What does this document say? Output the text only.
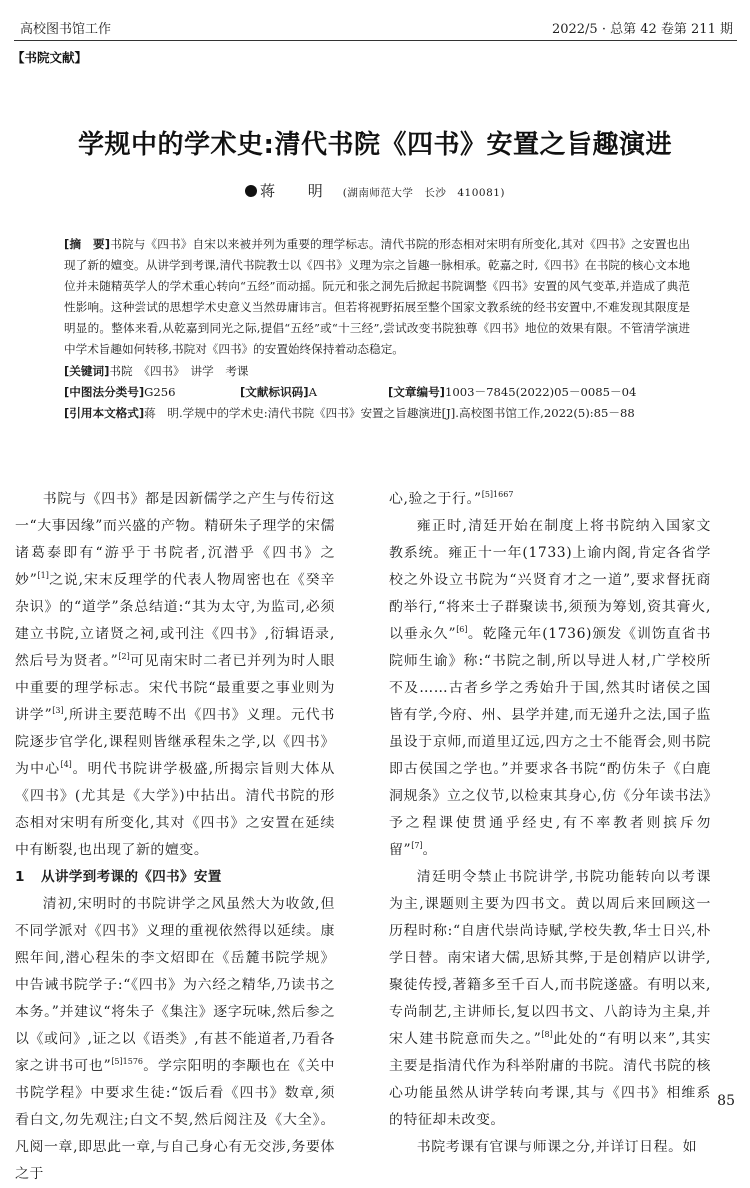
高校图书馆工作	2022/5 · 总第 42 卷第 211 期
【书院文献】
学规中的学术史:清代书院《四书》安置之旨趣演进
蒋 明 (湖南师范大学　长沙　410081)

[摘　要]书院与《四书》自宋以来被并列为重要的理学标志。清代书院的形态相对宋明有所变化,其对《四书》之安置也出现了新的嬗变。从讲学到考课,清代书院教士以《四书》义理为宗之旨趣一脉相承。乾嘉之时,《四书》在书院的核心文本地位并未随精英学人的学术重心转向“五经”而动摇。阮元和张之洞先后掀起书院调整《四书》安置的风气变革,并造成了典范性影响。这种尝试的思想学术史意义当然毋庸讳言。但若将视野拓展至整个国家文教系统的经书安置中,不难发现其限度是明显的。整体来看,从乾嘉到同光之际,提倡“五经”或“十三经”,尝试改变书院独尊《四书》地位的效果有限。不管清学演进中学术旨趣如何转移,书院对《四书》的安置始终保持着动态稳定。

[关键词]书院　《四书》　讲学　考课

[中图法分类号]G256	[文献标识码]A	[文章编号]1003－7845(2022)05－0085－04

[引用本文格式]蒋　明.学规中的学术史:清代书院《四书》安置之旨趣演进[J].高校图书馆工作,2022(5):85－88

书院与《四书》都是因新儒学之产生与传衍这一“大事因缘”而兴盛的产物。精研朱子理学的宋儒诸葛泰即有“游乎于书院者,沉潜乎《四书》之妙”[1]之说,宋末反理学的代表人物周密也在《癸辛杂识》的“道学”条总结道:“其为太守,为监司,必须建立书院,立诸贤之祠,或刊注《四书》,衍辑语录,然后号为贤者。”[2]可见南宋时二者已并列为时人眼中重要的理学标志。宋代书院“最重要之事业则为讲学”[3],所讲主要范畴不出《四书》义理。元代书院逐步官学化,课程则皆继承程朱之学,以《四书》为中心[4]。明代书院讲学极盛,所揭宗旨则大体从《四书》(尤其是《大学》)中拈出。清代书院的形态相对宋明有所变化,其对《四书》之安置在延续中有断裂,也出现了新的嬗变。

1 从讲学到考课的《四书》安置

清初,宋明时的书院讲学之风虽然大为收敛,但不同学派对《四书》义理的重视依然得以延续。康熙年间,潜心程朱的李文炤即在《岳麓书院学规》中告诫书院学子:“《四书》为六经之精华,乃读书之本务。”并建议“将朱子《集注》逐字玩味,然后参之以《或问》,证之以《语类》,有甚不能道者,乃看各家之讲书可也”$^{[5]1576}$。学宗阳明的李颙也在《关中书院学程》中要求生徒:“饭后看《四书》数章,须看白文,勿先观注;白文不契,然后阅注及《大全》。凡阅一章,即思此一章,与自己身心有无交涉,务要体之于

心,验之于行。”$^{[5]1667}$

雍正时,清廷开始在制度上将书院纳入国家文教系统。雍正十一年(1733)上谕内阁,肯定各省学校之外设立书院为“兴贤育才之一道”,要求督抚商酌举行,“将来士子群聚读书,须预为筹划,资其膏火,以垂永久”[6]。乾隆元年(1736)颁发《训饬直省书院师生谕》称:“书院之制,所以导进人材,广学校所不及……古者乡学之秀始升于国,然其时诸侯之国皆有学,今府、州、县学并建,而无递升之法,国子监虽设于京师,而道里辽远,四方之士不能胥会,则书院即古侯国之学也。”并要求各书院“酌仿朱子《白鹿洞规条》立之仪节,以检束其身心,仿《分年读书法》予之程课使贯通乎经史,有不率教者则摈斥勿留”[7]。

清廷明令禁止书院讲学,书院功能转向以考课为主,课题则主要为四书文。黄以周后来回顾这一历程时称:“自唐代崇尚诗赋,学校失教,华士日兴,朴学日替。南宋诸大儒,思矫其弊,于是创精庐以讲学,聚徒传授,著籍多至千百人,而书院遂盛。有明以来,专尚制艺,主讲师长,复以四书文、八韵诗为主臬,并宋人建书院意而失之。”[8]此处的“有明以来”,其实主要是指清代作为科举附庸的书院。清代书院的核心功能虽然从讲学转向考课,其与《四书》相维系的特征却未改变。

书院考课有官课与师课之分,并详订日程。如

85
